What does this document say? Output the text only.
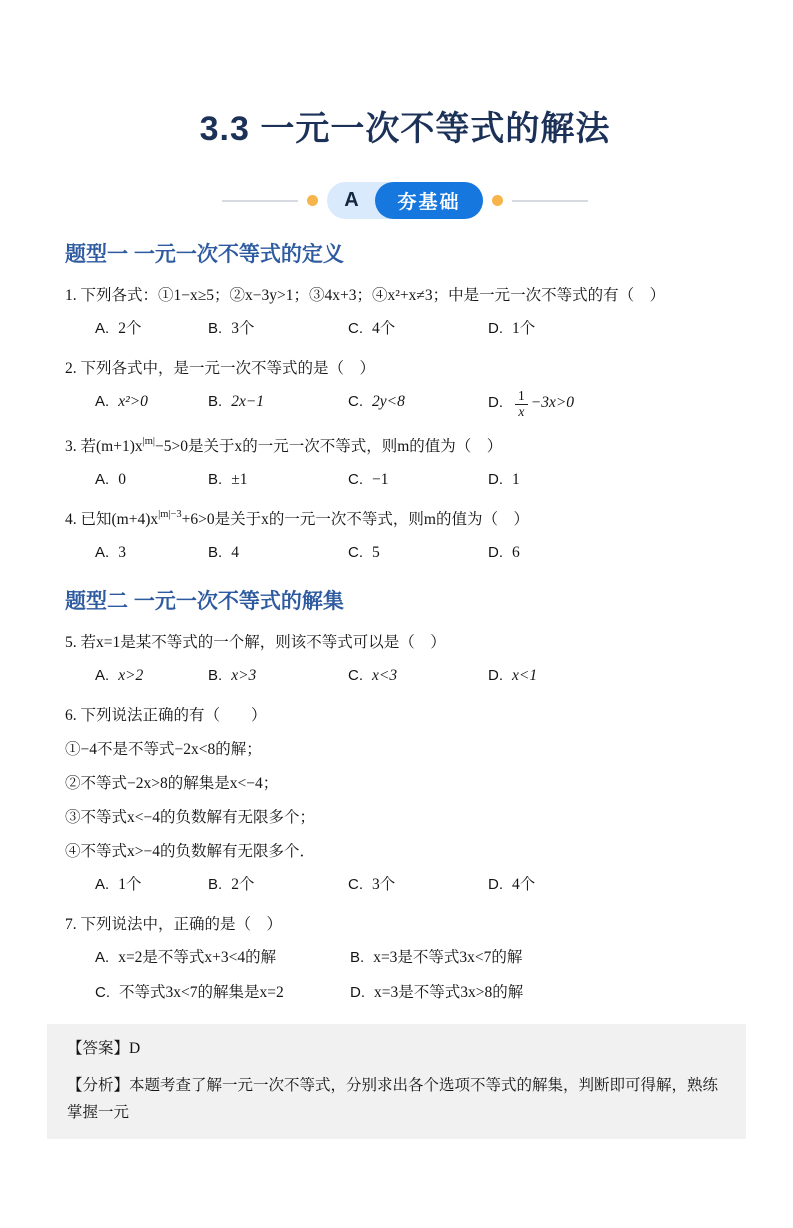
3.3 一元一次不等式的解法
A	夯基础
题型一 一元一次不等式的定义

1. 下列各式：①1−x≥5；②x−3y>1；③4x+3；④x²+x≠3；中是一元一次不等式的有（　）

A. 2个	B. 3个	C. 4个	D. 1个

2. 下列各式中，是一元一次不等式的是（　）

A. x²>0	B. 2x−1	C. 2y<8	D. $\frac{1}{x} -3x>0$

3. 若$(m+1)x^{|m|}-5>0$是关于x的一元一次不等式，则m的值为（　）

A. 0	B. ±1	C. −1	D. 1

4. 已知$(m+4)x^{|m|-3}+6>0$是关于x的一元一次不等式，则m的值为（　）

A. 3	B. 4	C. 5	D. 6
题型二 一元一次不等式的解集

5. 若x=1是某不等式的一个解，则该不等式可以是（　）

A. x>2	B. x>3	C. x<3	D. x<1

6. 下列说法正确的有（　　）

①−4不是不等式−2x<8的解；

②不等式−2x>8的解集是x<−4；

③不等式x<−4的负数解有无限多个；

④不等式x>−4的负数解有无限多个．

A. 1个	B. 2个	C. 3个	D. 4个

7. 下列说法中，正确的是（　）

A. x=2是不等式x+3<4的解	B. x=3是不等式3x<7的解
C. 不等式3x<7的解集是x=2	D. x=3是不等式3x>8的解

【答案】D

【分析】本题考查了解一元一次不等式，分别求出各个选项不等式的解集，判断即可得解，熟练掌握一元
